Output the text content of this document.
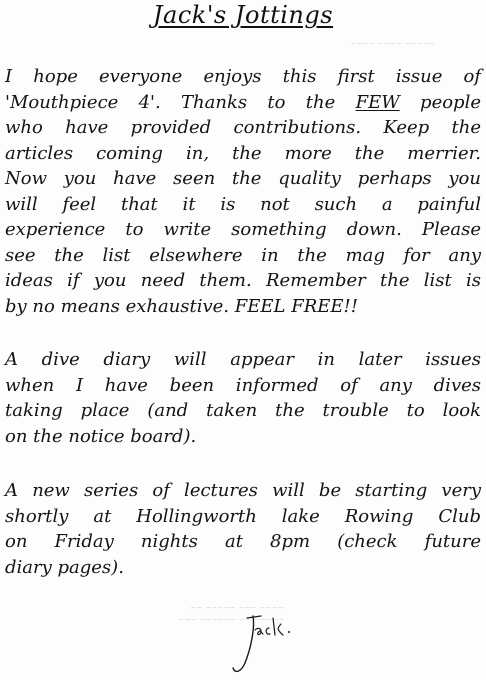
Jack's Jottings
I hope everyone enjoys this first issue of
'Mouthpiece 4'. Thanks to the FEW people
who have provided contributions. Keep the
articles coming in, the more the merrier.
Now you have seen the quality perhaps you
will feel that it is not such a painful
experience to write something down. Please
see the list elsewhere in the mag for any
ideas if you need them. Remember the list is
by no means exhaustive. FEEL FREE!!
A dive diary will appear in later issues
when I have been informed of any dives
taking place (and taken the trouble to look
on the notice board).
A new series of lectures will be starting very
shortly at Hollingworth lake Rowing Club
on Friday nights at 8pm (check future
diary pages).
~~~~ ~~~ ~~~~~ ~~
~~~~~ ~~ ~~~~~~ ~~~
~~~~~ ~~~~ ~~~~
